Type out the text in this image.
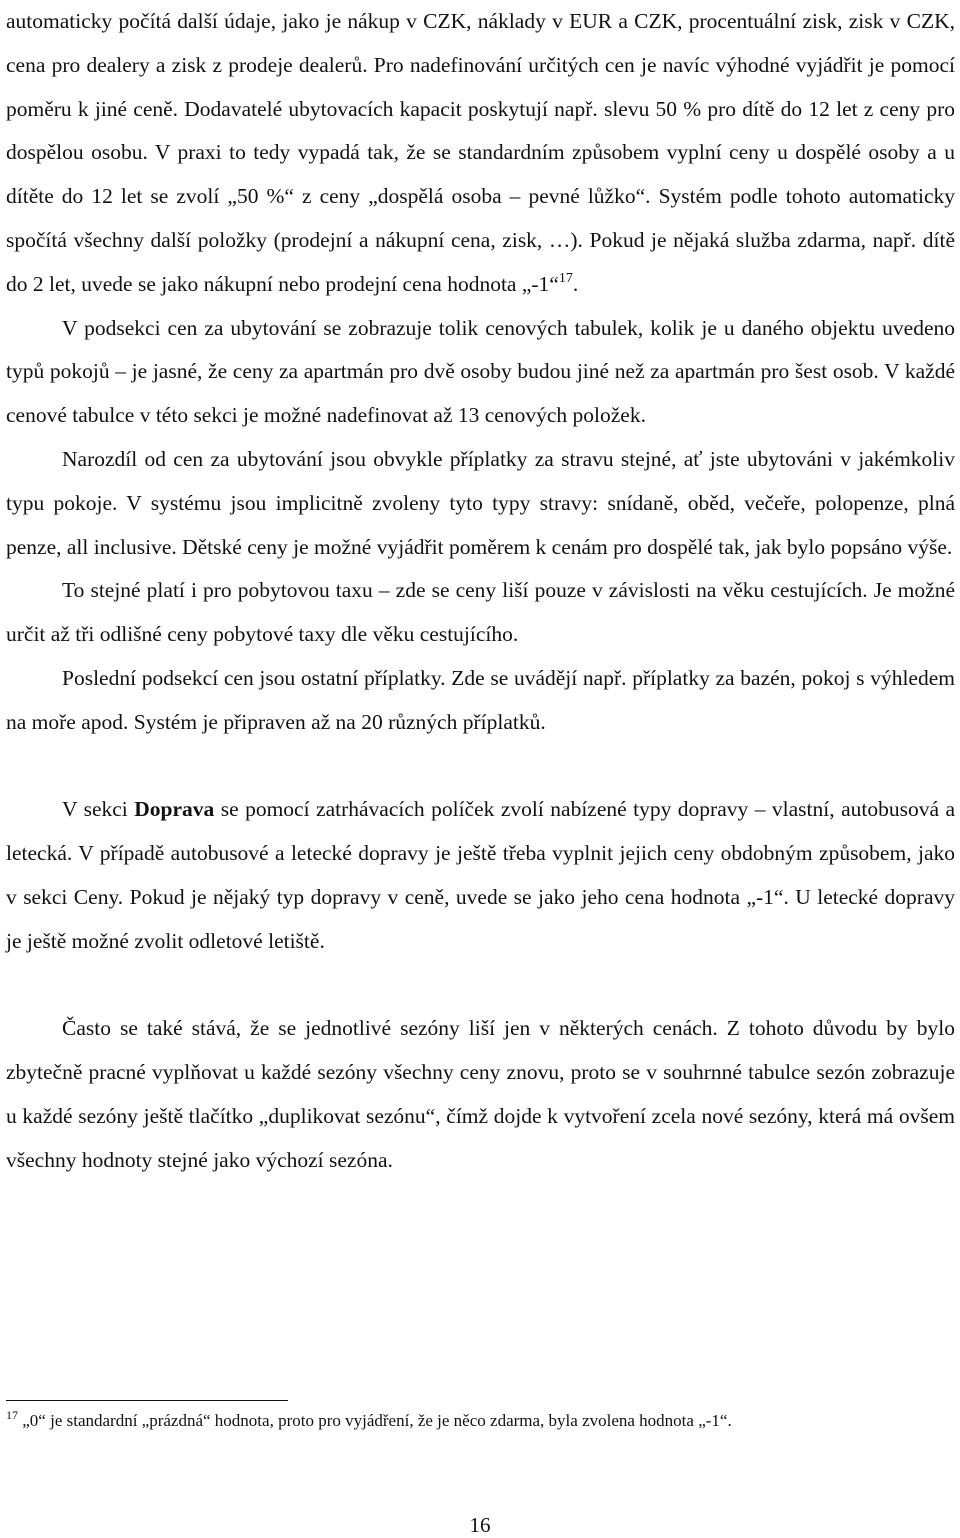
automaticky počítá další údaje, jako je nákup v CZK, náklady v EUR a CZK, procentuální zisk, zisk v CZK, cena pro dealery a zisk z prodeje dealerů. Pro nadefinování určitých cen je navíc výhodné vyjádřit je pomocí poměru k jiné ceně. Dodavatelé ubytovacích kapacit poskytují např. slevu 50 % pro dítě do 12 let z ceny pro dospělou osobu. V praxi to tedy vypadá tak, že se standardním způsobem vyplní ceny u dospělé osoby a u dítěte do 12 let se zvolí „50 %“ z ceny „dospělá osoba – pevné lůžko“. Systém podle tohoto automaticky spočítá všechny další položky (prodejní a nákupní cena, zisk, …). Pokud je nějaká služba zdarma, např. dítě do 2 let, uvede se jako nákupní nebo prodejní cena hodnota „-1“$^{17}$.

V podsekci cen za ubytování se zobrazuje tolik cenových tabulek, kolik je u daného objektu uvedeno typů pokojů – je jasné, že ceny za apartmán pro dvě osoby budou jiné než za apartmán pro šest osob. V každé cenové tabulce v této sekci je možné nadefinovat až 13 cenových položek.

Narozdíl od cen za ubytování jsou obvykle příplatky za stravu stejné, ať jste ubytováni v jakémkoliv typu pokoje. V systému jsou implicitně zvoleny tyto typy stravy: snídaně, oběd, večeře, polopenze, plná penze, all inclusive. Dětské ceny je možné vyjádřit poměrem k cenám pro dospělé tak, jak bylo popsáno výše.

To stejné platí i pro pobytovou taxu – zde se ceny liší pouze v závislosti na věku cestujících. Je možné určit až tři odlišné ceny pobytové taxy dle věku cestujícího.

Poslední podsekcí cen jsou ostatní příplatky. Zde se uvádějí např. příplatky za bazén, pokoj s výhledem na moře apod. Systém je připraven až na 20 různých příplatků.

V sekci Doprava se pomocí zatrhávacích políček zvolí nabízené typy dopravy – vlastní, autobusová a letecká. V případě autobusové a letecké dopravy je ještě třeba vyplnit jejich ceny obdobným způsobem, jako v sekci Ceny. Pokud je nějaký typ dopravy v ceně, uvede se jako jeho cena hodnota „-1“. U letecké dopravy je ještě možné zvolit odletové letiště.

Často se také stává, že se jednotlivé sezóny liší jen v některých cenách. Z tohoto důvodu by bylo zbytečně pracné vyplňovat u každé sezóny všechny ceny znovu, proto se v souhrnné tabulce sezón zobrazuje u každé sezóny ještě tlačítko „duplikovat sezónu“, čímž dojde k vytvoření zcela nové sezóny, která má ovšem všechny hodnoty stejné jako výchozí sezóna.

$^{17}$ „0“ je standardní „prázdná“ hodnota, proto pro vyjádření, že je něco zdarma, byla zvolena hodnota „-1“.
16
